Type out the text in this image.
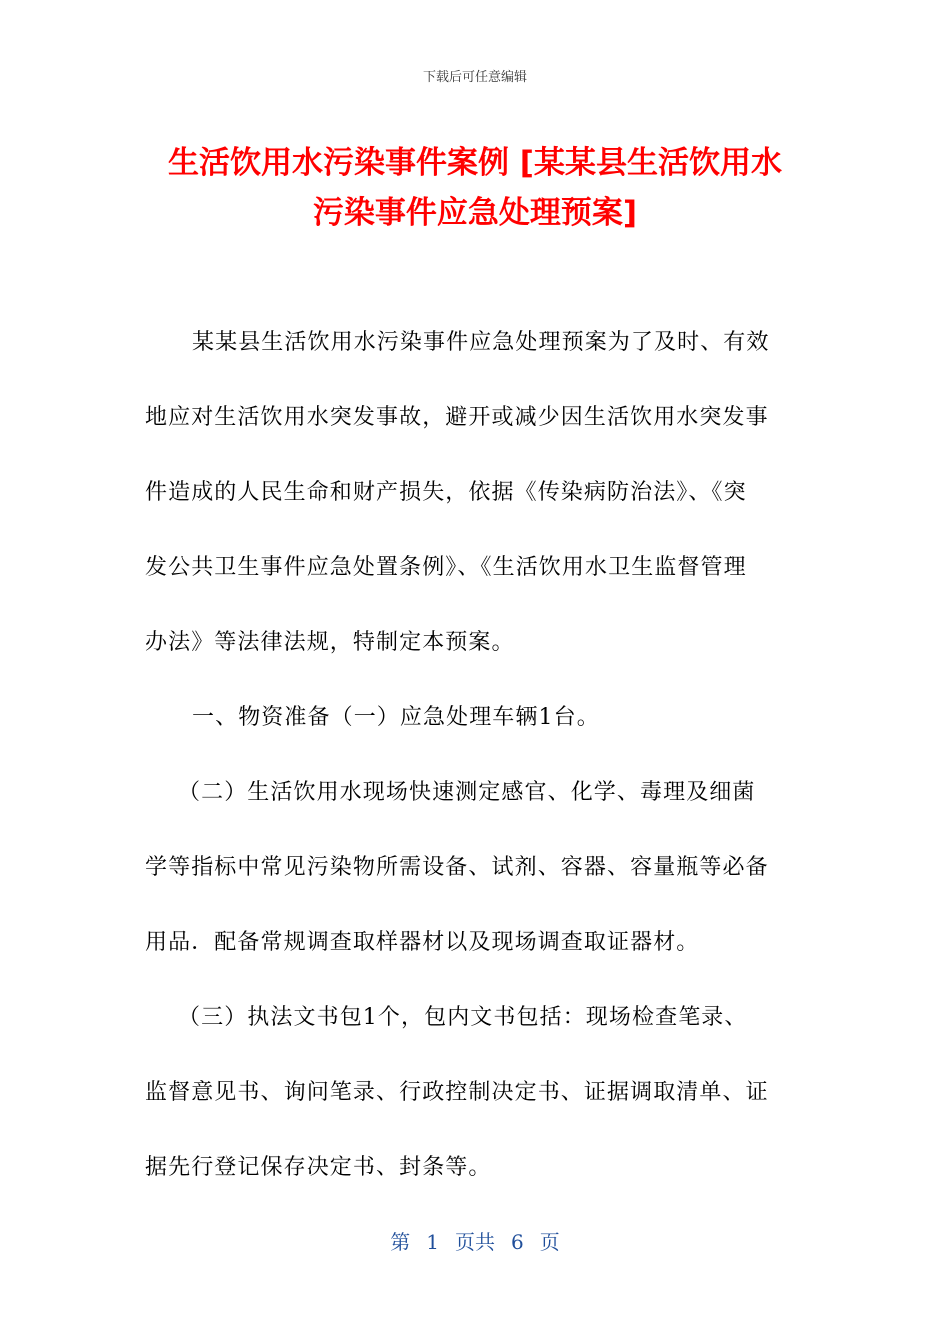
下载后可任意编辑
生活饮用水污染事件案例 [某某县生活饮用水
污染事件应急处理预案]
某某县生活饮用水污染事件应急处理预案为了及时、有效
地应对生活饮用水突发事故，避开或减少因生活饮用水突发事
件造成的人民生命和财产损失，依据《传染病防治法》、《突
发公共卫生事件应急处置条例》、《生活饮用水卫生监督管理
办法》等法律法规，特制定本预案。
一、物资准备（一）应急处理车辆1台。
（二）生活饮用水现场快速测定感官、化学、毒理及细菌
学等指标中常见污染物所需设备、试剂、容器、容量瓶等必备
用品．配备常规调查取样器材以及现场调查取证器材。
（三）执法文书包1个，包内文书包括：现场检查笔录、
监督意见书、询问笔录、行政控制决定书、证据调取清单、证
据先行登记保存决定书、封条等。
第 1 页共 6 页
